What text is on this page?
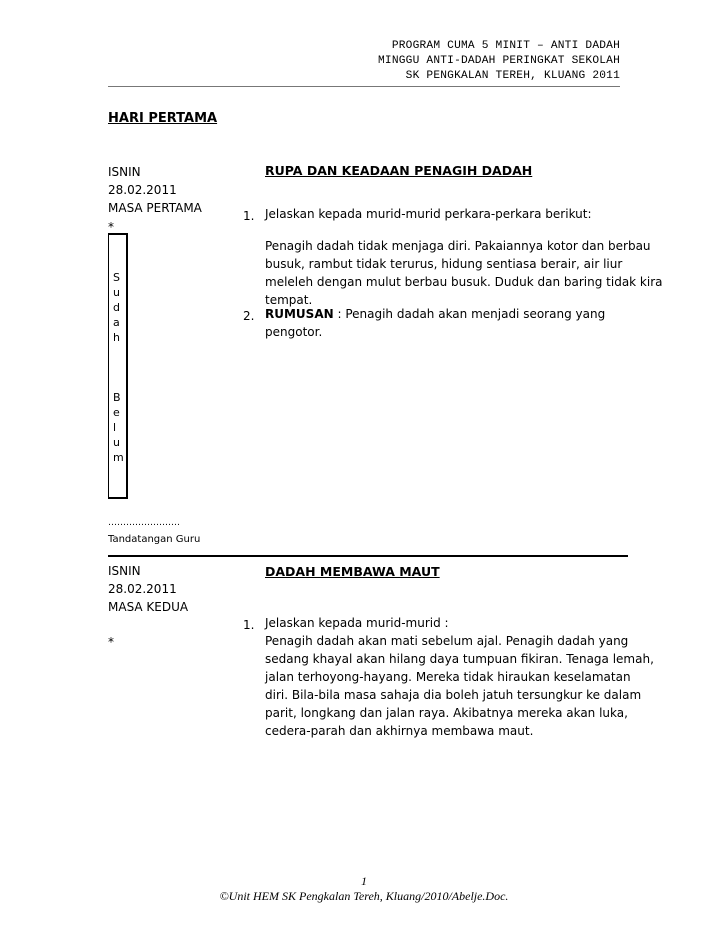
PROGRAM CUMA 5 MINIT – ANTI DADAH
MINGGU ANTI-DADAH PERINGKAT SEKOLAH
SK PENGKALAN TEREH, KLUANG 2011
HARI PERTAMA
ISNIN
28.02.2011
MASA PERTAMA
*
S
u
d
a
h
B
e
l
u
m
RUPA DAN KEADAAN PENAGIH DADAH
1. Jelaskan kepada murid-murid perkara-perkara berikut:
Penagih dadah tidak menjaga diri. Pakaiannya kotor dan berbau
busuk, rambut tidak terurus, hidung sentiasa berair, air liur
meleleh dengan mulut berbau busuk. Duduk dan baring tidak kira
tempat.
2. RUMUSAN : Penagih dadah akan menjadi seorang yang
pengotor.
……………………
Tandatangan Guru
ISNIN
28.02.2011
MASA KEDUA
*
DADAH MEMBAWA MAUT
1. Jelaskan kepada murid-murid :
Penagih dadah akan mati sebelum ajal. Penagih dadah yang
sedang khayal akan hilang daya tumpuan fikiran. Tenaga lemah,
jalan terhoyong-hayang. Mereka tidak hiraukan keselamatan
diri. Bila-bila masa sahaja dia boleh jatuh tersungkur ke dalam
parit, longkang dan jalan raya. Akibatnya mereka akan luka,
cedera-parah dan akhirnya membawa maut.
1
©Unit HEM SK Pengkalan Tereh, Kluang/2010/Abelje.Doc.
